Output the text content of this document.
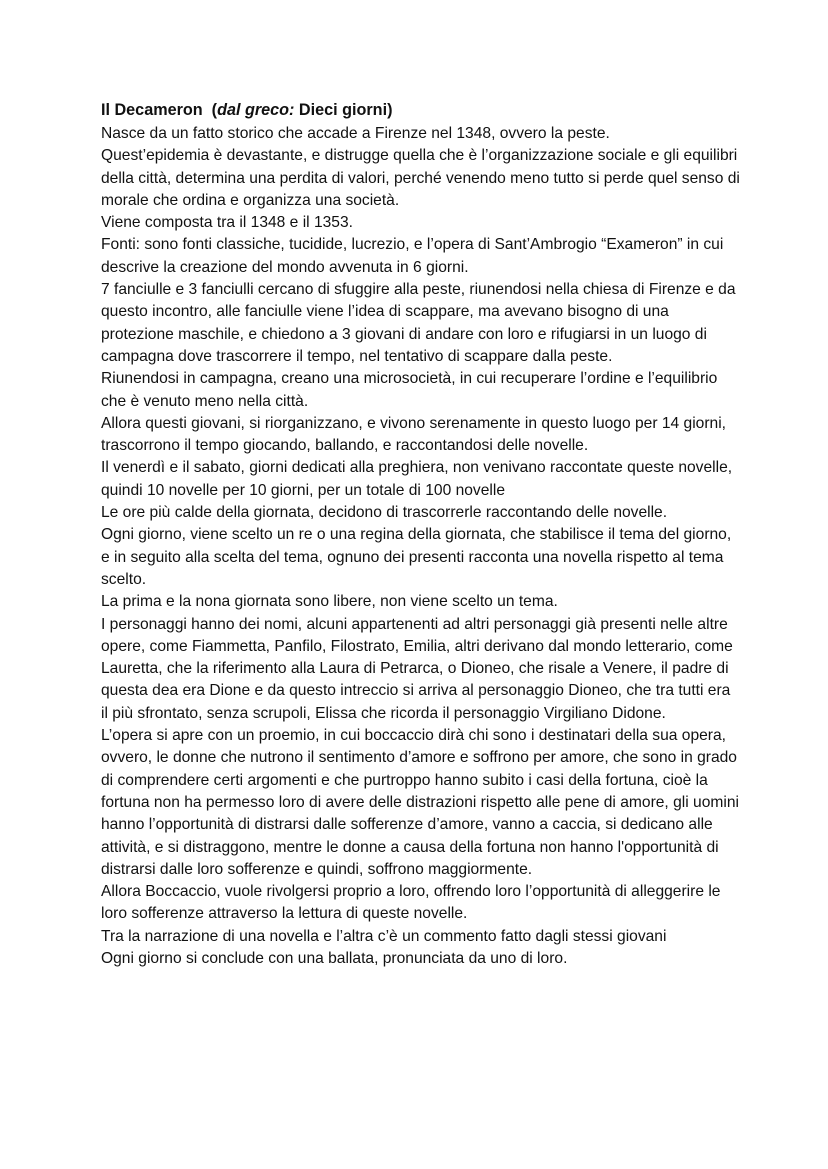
Il Decameron (dal greco: Dieci giorni)

Nasce da un fatto storico che accade a Firenze nel 1348, ovvero la peste.

Quest’epidemia è devastante, e distrugge quella che è l’organizzazione sociale e gli equilibri della città, determina una perdita di valori, perché venendo meno tutto si perde quel senso di morale che ordina e organizza una società.

Viene composta tra il 1348 e il 1353.

Fonti: sono fonti classiche, tucidide, lucrezio, e l’opera di Sant’Ambrogio “Exameron” in cui descrive la creazione del mondo avvenuta in 6 giorni.

7 fanciulle e 3 fanciulli cercano di sfuggire alla peste, riunendosi nella chiesa di Firenze e da questo incontro, alle fanciulle viene l’idea di scappare, ma avevano bisogno di una protezione maschile, e chiedono a 3 giovani di andare con loro e rifugiarsi in un luogo di campagna dove trascorrere il tempo, nel tentativo di scappare dalla peste.

Riunendosi in campagna, creano una microsocietà, in cui recuperare l’ordine e l’equilibrio che è venuto meno nella città.

Allora questi giovani, si riorganizzano, e vivono serenamente in questo luogo per 14 giorni, trascorrono il tempo giocando, ballando, e raccontandosi delle novelle.

Il venerdì e il sabato, giorni dedicati alla preghiera, non venivano raccontate queste novelle, quindi 10 novelle per 10 giorni, per un totale di 100 novelle

Le ore più calde della giornata, decidono di trascorrerle raccontando delle novelle.

Ogni giorno, viene scelto un re o una regina della giornata, che stabilisce il tema del giorno, e in seguito alla scelta del tema, ognuno dei presenti racconta una novella rispetto al tema scelto.

La prima e la nona giornata sono libere, non viene scelto un tema.

I personaggi hanno dei nomi, alcuni appartenenti ad altri personaggi già presenti nelle altre opere, come Fiammetta, Panfilo, Filostrato, Emilia, altri derivano dal mondo letterario, come Lauretta, che la riferimento alla Laura di Petrarca, o Dioneo, che risale a Venere, il padre di questa dea era Dione e da questo intreccio si arriva al personaggio Dioneo, che tra tutti era il più sfrontato, senza scrupoli, Elissa che ricorda il personaggio Virgiliano Didone.

L’opera si apre con un proemio, in cui boccaccio dirà chi sono i destinatari della sua opera, ovvero, le donne che nutrono il sentimento d’amore e soffrono per amore, che sono in grado di comprendere certi argomenti e che purtroppo hanno subito i casi della fortuna, cioè la fortuna non ha permesso loro di avere delle distrazioni rispetto alle pene di amore, gli uomini hanno l’opportunità di distrarsi dalle sofferenze d’amore, vanno a caccia, si dedicano alle attività, e si distraggono, mentre le donne a causa della fortuna non hanno l'opportunità di distrarsi dalle loro sofferenze e quindi, soffrono maggiormente.

Allora Boccaccio, vuole rivolgersi proprio a loro, offrendo loro l’opportunità di alleggerire le loro sofferenze attraverso la lettura di queste novelle.

Tra la narrazione di una novella e l’altra c’è un commento fatto dagli stessi giovani

Ogni giorno si conclude con una ballata, pronunciata da uno di loro.
